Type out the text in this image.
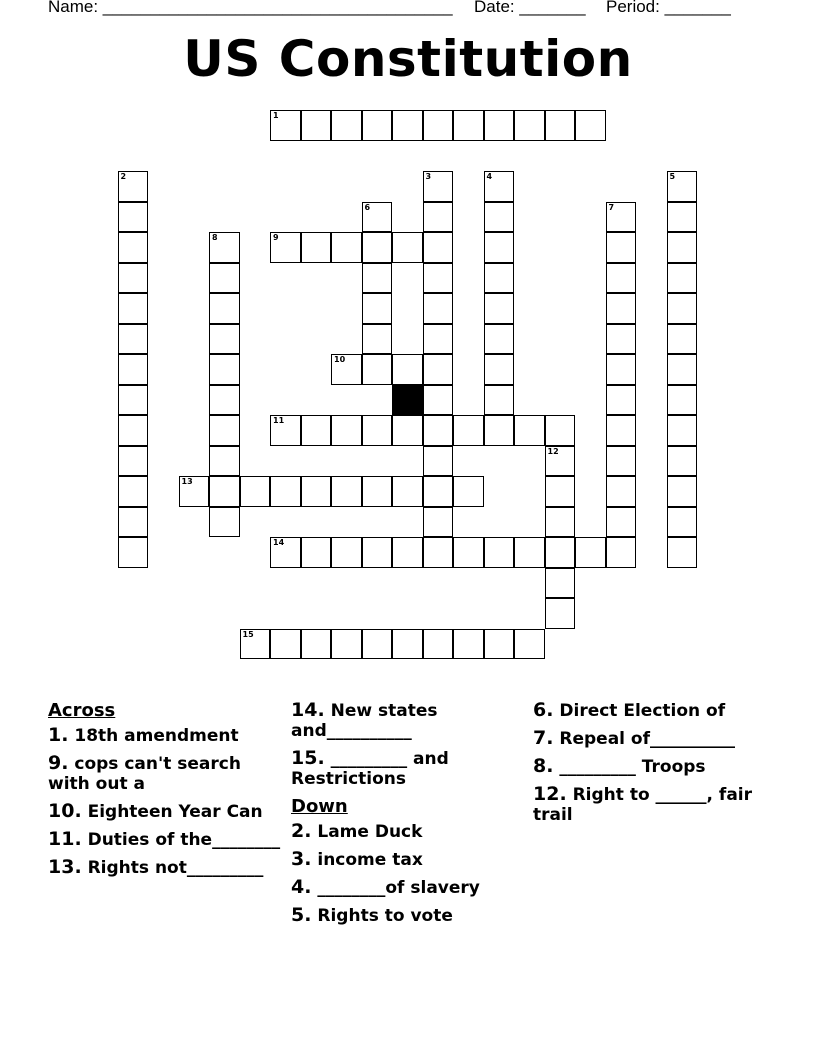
Name: _____________________________________ Date: _______ Period: _______
US Constitution
1
9
10
11
13
14
15
2	3	4	5
6	7
8
12
Across
1. 18th amendment
9. cops can't search with out a
10. Eighteen Year Can
11. Duties of the________
13. Rights not_________
14. New states and__________
15. _________ and Restrictions
Down
2. Lame Duck
3. income tax
4. ________of slavery
5. Rights to vote
6. Direct Election of
7. Repeal of__________
8. _________ Troops
12. Right to ______, fair trail
